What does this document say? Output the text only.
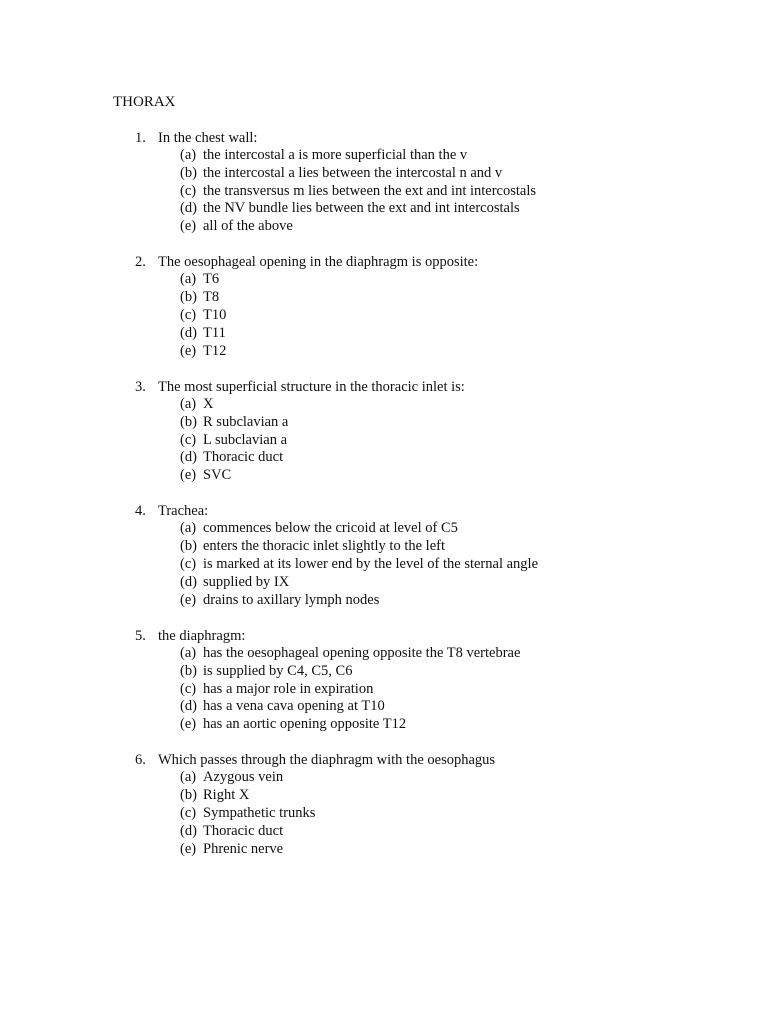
THORAX
1. In the chest wall:
(a) the intercostal a is more superficial than the v
(b) the intercostal a lies between the intercostal n and v
(c) the transversus m lies between the ext and int intercostals
(d) the NV bundle lies between the ext and int intercostals
(e) all of the above
2. The oesophageal opening in the diaphragm is opposite:
(a) T6
(b) T8
(c) T10
(d) T11
(e) T12
3. The most superficial structure in the thoracic inlet is:
(a) X
(b) R subclavian a
(c) L subclavian a
(d) Thoracic duct
(e) SVC
4. Trachea:
(a) commences below the cricoid at level of C5
(b) enters the thoracic inlet slightly to the left
(c) is marked at its lower end by the level of the sternal angle
(d) supplied by IX
(e) drains to axillary lymph nodes
5. the diaphragm:
(a) has the oesophageal opening opposite the T8 vertebrae
(b) is supplied by C4, C5, C6
(c) has a major role in expiration
(d) has a vena cava opening at T10
(e) has an aortic opening opposite T12
6. Which passes through the diaphragm with the oesophagus
(a) Azygous vein
(b) Right X
(c) Sympathetic trunks
(d) Thoracic duct
(e) Phrenic nerve
